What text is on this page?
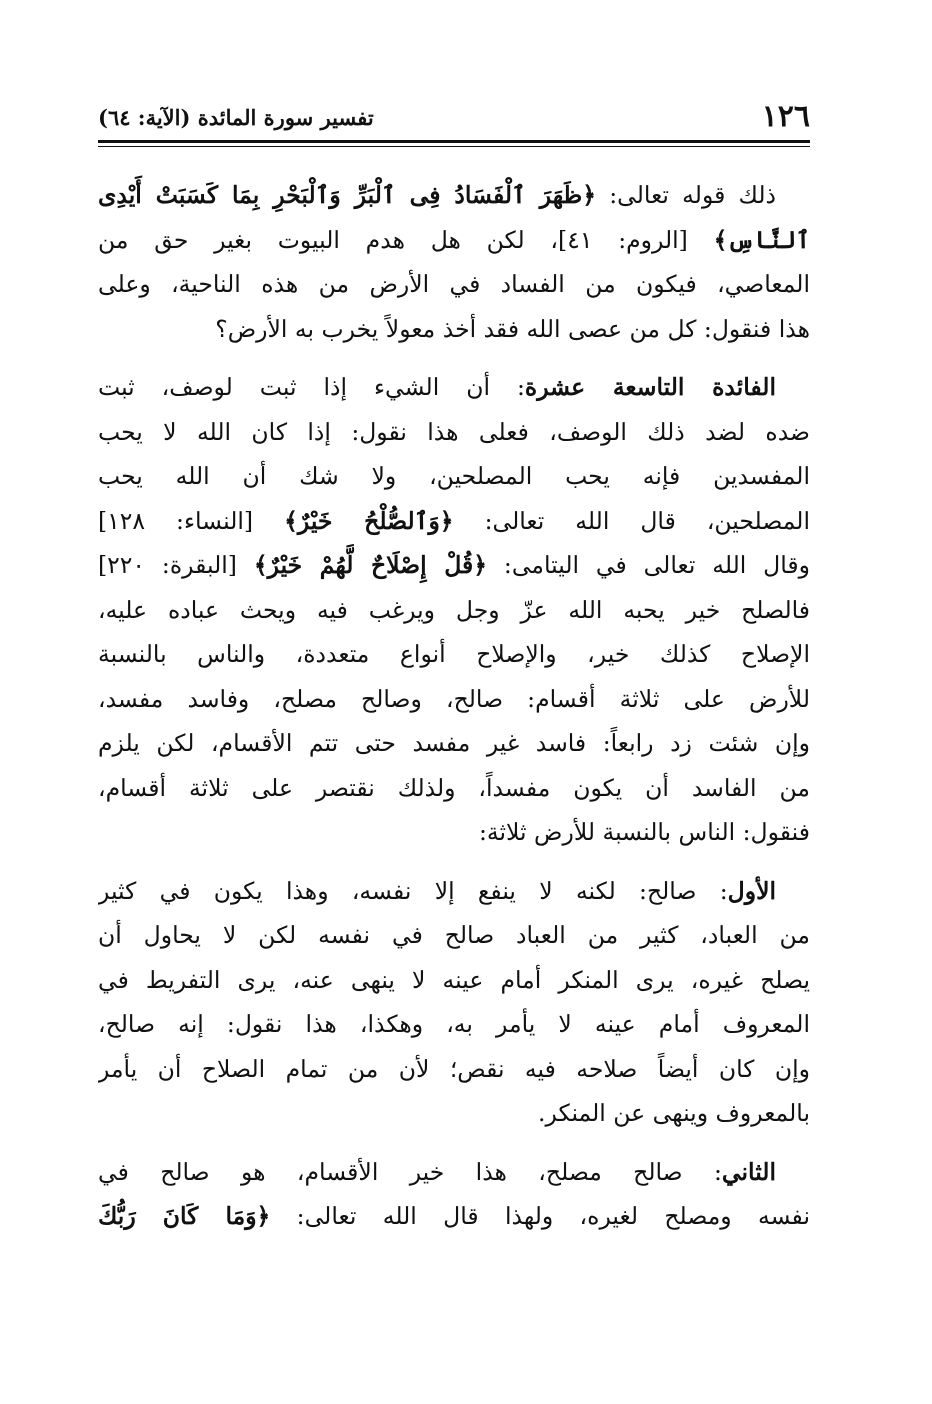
١٢٦
تفسير سورة المائدة (الآية: ٦٤)

ذلك قوله تعالى: ﴿ظَهَرَ ٱلْفَسَادُ فِى ٱلْبَرِّ وَٱلْبَحْرِ بِمَا كَسَبَتْ أَيْدِى
ٱلنَّاسِ﴾ [الروم: ٤١]، لكن هل هدم البيوت بغير حق من
المعاصي، فيكون من الفساد في الأرض من هذه الناحية، وعلى
هذا فنقول: كل من عصى الله فقد أخذ معولاً يخرب به الأرض؟

الفائدة التاسعة عشرة: أن الشيء إذا ثبت لوصف، ثبت
ضده لضد ذلك الوصف، فعلى هذا نقول: إذا كان الله لا يحب
المفسدين فإنه يحب المصلحين، ولا شك أن الله يحب
المصلحين، قال الله تعالى: ﴿وَٱلصُّلْحُ خَيْرٌ﴾ [النساء: ١٢٨]
وقال الله تعالى في اليتامى: ﴿قُلْ إِصْلَاحٌ لَّهُمْ خَيْرٌ﴾ [البقرة: ٢٢٠]
فالصلح خير يحبه الله عزّ وجل ويرغب فيه ويحث عباده عليه،
الإصلاح كذلك خير، والإصلاح أنواع متعددة، والناس بالنسبة
للأرض على ثلاثة أقسام: صالح، وصالح مصلح، وفاسد مفسد،
وإن شئت زد رابعاً: فاسد غير مفسد حتى تتم الأقسام، لكن يلزم
من الفاسد أن يكون مفسداً، ولذلك نقتصر على ثلاثة أقسام،
فنقول: الناس بالنسبة للأرض ثلاثة:

الأول: صالح: لكنه لا ينفع إلا نفسه، وهذا يكون في كثير
من العباد، كثير من العباد صالح في نفسه لكن لا يحاول أن
يصلح غيره، يرى المنكر أمام عينه لا ينهى عنه، يرى التفريط في
المعروف أمام عينه لا يأمر به، وهكذا، هذا نقول: إنه صالح،
وإن كان أيضاً صلاحه فيه نقص؛ لأن من تمام الصلاح أن يأمر
بالمعروف وينهى عن المنكر.

الثاني: صالح مصلح، هذا خير الأقسام، هو صالح في
نفسه ومصلح لغيره، ولهذا قال الله تعالى: ﴿وَمَا كَانَ رَبُّكَ
